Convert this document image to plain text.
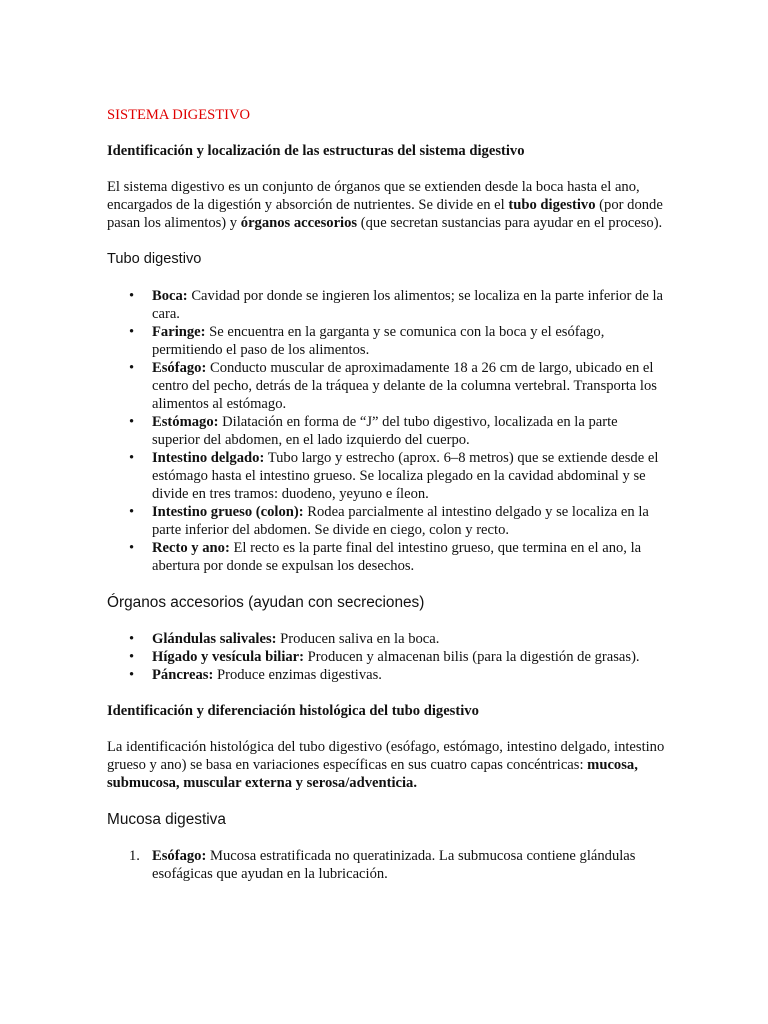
SISTEMA DIGESTIVO

Identificación y localización de las estructuras del sistema digestivo

El sistema digestivo es un conjunto de órganos que se extienden desde la boca hasta el ano, encargados de la digestión y absorción de nutrientes. Se divide en el tubo digestivo (por donde pasan los alimentos) y órganos accesorios (que secretan sustancias para ayudar en el proceso).

Tubo digestivo

• Boca: Cavidad por donde se ingieren los alimentos; se localiza en la parte inferior de la cara.
• Faringe: Se encuentra en la garganta y se comunica con la boca y el esófago, permitiendo el paso de los alimentos.
• Esófago: Conducto muscular de aproximadamente 18 a 26 cm de largo, ubicado en el centro del pecho, detrás de la tráquea y delante de la columna vertebral. Transporta los alimentos al estómago.
• Estómago: Dilatación en forma de “J” del tubo digestivo, localizada en la parte superior del abdomen, en el lado izquierdo del cuerpo.
• Intestino delgado: Tubo largo y estrecho (aprox. 6–8 metros) que se extiende desde el estómago hasta el intestino grueso. Se localiza plegado en la cavidad abdominal y se divide en tres tramos: duodeno, yeyuno e íleon.
• Intestino grueso (colon): Rodea parcialmente al intestino delgado y se localiza en la parte inferior del abdomen. Se divide en ciego, colon y recto.
• Recto y ano: El recto es la parte final del intestino grueso, que termina en el ano, la abertura por donde se expulsan los desechos.

Órganos accesorios (ayudan con secreciones)

• Glándulas salivales: Producen saliva en la boca.
• Hígado y vesícula biliar: Producen y almacenan bilis (para la digestión de grasas).
• Páncreas: Produce enzimas digestivas.

Identificación y diferenciación histológica del tubo digestivo

La identificación histológica del tubo digestivo (esófago, estómago, intestino delgado, intestino grueso y ano) se basa en variaciones específicas en sus cuatro capas concéntricas: mucosa, submucosa, muscular externa y serosa/adventicia.

Mucosa digestiva

1. Esófago: Mucosa estratificada no queratinizada. La submucosa contiene glándulas esofágicas que ayudan en la lubricación.
